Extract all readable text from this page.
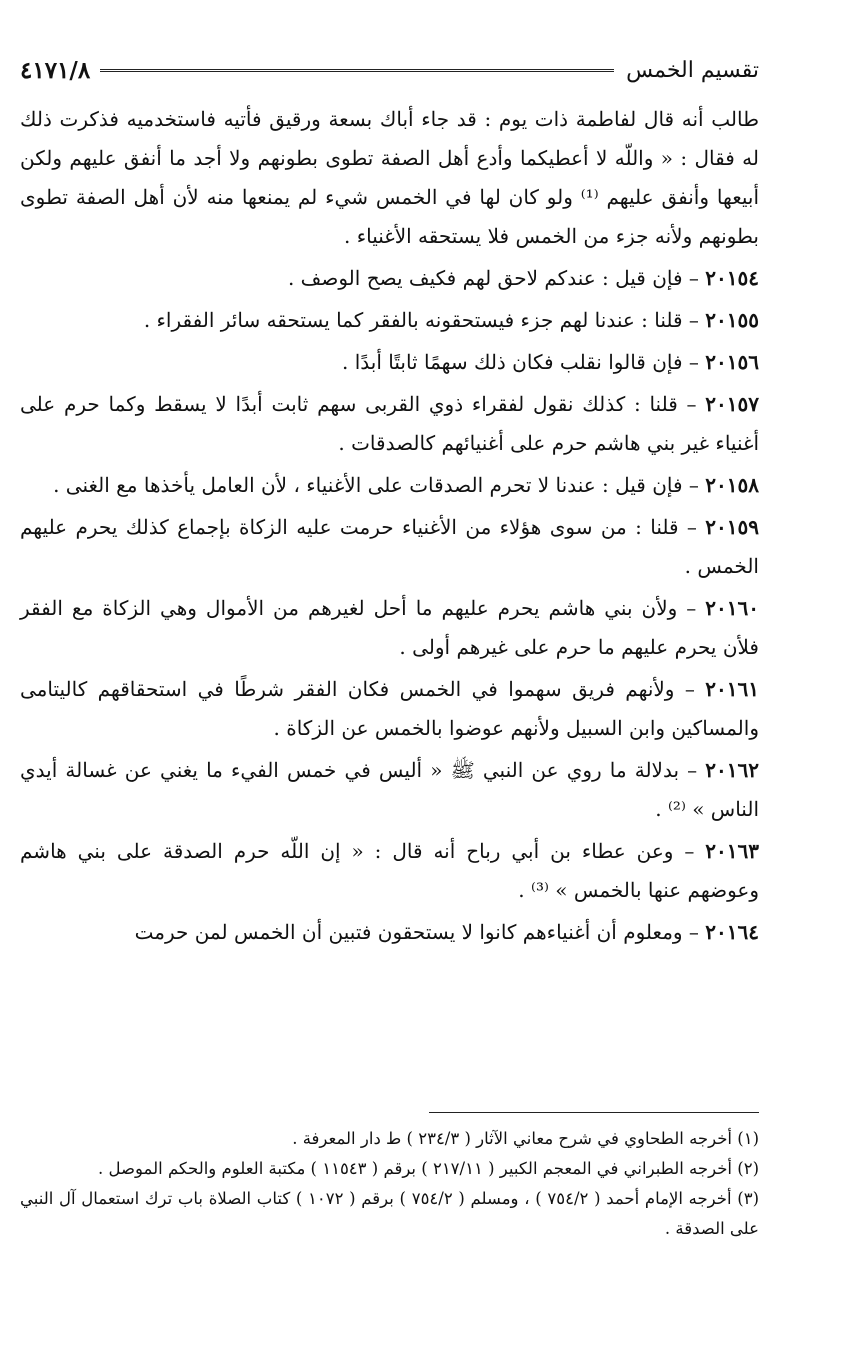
تقسيم الخمس
٤١٧١/٨

طالب أنه قال لفاطمة ذات يوم : قد جاء أباك بسعة ورقيق فأتيه فاستخدميه فذكرت ذلك له فقال : « واللّه لا أعطيكما وأدع أهل الصفة تطوى بطونهم ولا أجد ما أنفق عليهم ولكن أبيعها وأنفق عليهم ⁽¹⁾ ولو كان لها في الخمس شيء لم يمنعها منه لأن أهل الصفة تطوى بطونهم ولأنه جزء من الخمس فلا يستحقه الأغنياء .

٢٠١٥٤ – فإن قيل : عندكم لاحق لهم فكيف يصح الوصف .

٢٠١٥٥ – قلنا : عندنا لهم جزء فيستحقونه بالفقر كما يستحقه سائر الفقراء .

٢٠١٥٦ – فإن قالوا نقلب فكان ذلك سهمًا ثابتًا أبدًا .

٢٠١٥٧ – قلنا : كذلك نقول لفقراء ذوي القربى سهم ثابت أبدًا لا يسقط وكما حرم على أغنياء غير بني هاشم حرم على أغنيائهم كالصدقات .

٢٠١٥٨ – فإن قيل : عندنا لا تحرم الصدقات على الأغنياء ، لأن العامل يأخذها مع الغنى .

٢٠١٥٩ – قلنا : من سوى هؤلاء من الأغنياء حرمت عليه الزكاة بإجماع كذلك يحرم عليهم الخمس .

٢٠١٦٠ – ولأن بني هاشم يحرم عليهم ما أحل لغيرهم من الأموال وهي الزكاة مع الفقر فلأن يحرم عليهم ما حرم على غيرهم أولى .

٢٠١٦١ – ولأنهم فريق سهموا في الخمس فكان الفقر شرطًا في استحقاقهم كاليتامى والمساكين وابن السبيل ولأنهم عوضوا بالخمس عن الزكاة .

٢٠١٦٢ – بدلالة ما روي عن النبي ﷺ « أليس في خمس الفيء ما يغني عن غسالة أيدي الناس » ⁽²⁾ .

٢٠١٦٣ – وعن عطاء بن أبي رباح أنه قال : « إن اللّه حرم الصدقة على بني هاشم وعوضهم عنها بالخمس » ⁽³⁾ .

٢٠١٦٤ – ومعلوم أن أغنياءهم كانوا لا يستحقون فتبين أن الخمس لمن حرمت

(١) أخرجه الطحاوي في شرح معاني الآثار ( ٢٣٤/٣ ) ط دار المعرفة .

(٢) أخرجه الطبراني في المعجم الكبير ( ٢١٧/١١ ) برقم ( ١١٥٤٣ ) مكتبة العلوم والحكم الموصل .

(٣) أخرجه الإمام أحمد ( ٧٥٤/٢ ) ، ومسلم ( ٧٥٤/٢ ) برقم ( ١٠٧٢ ) كتاب الصلاة باب ترك استعمال آل النبي على الصدقة .
